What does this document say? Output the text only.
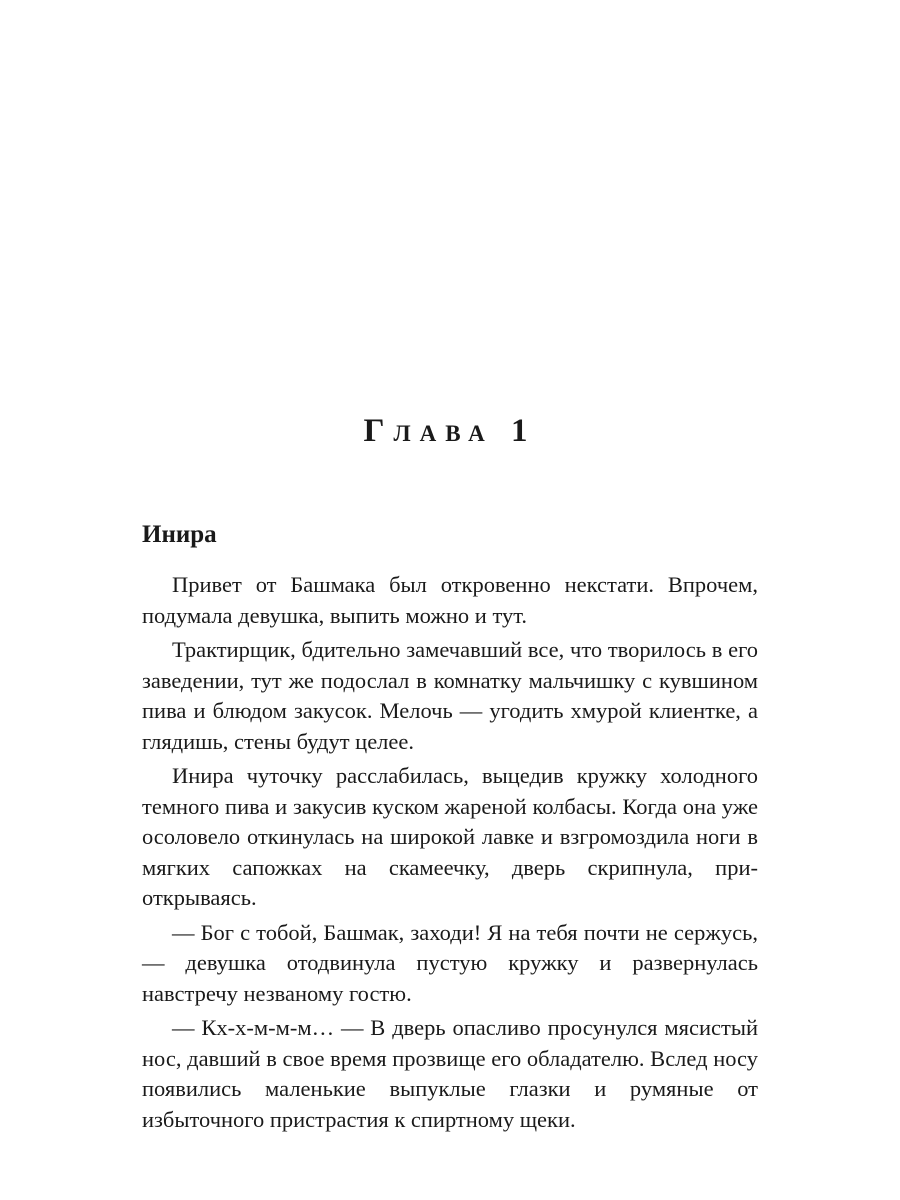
Глава 1
Инира

Привет от Башмака был откровенно некстати. Впрочем, подумала девушка, выпить можно и тут.

Трактирщик, бдительно замечавший все, что творилось в его заведении, тут же подослал в комнатку мальчишку с кувшином пива и блюдом закусок. Мелочь — угодить хмурой клиентке, а глядишь, стены будут целее.

Инира чуточку расслабилась, выцедив кружку холодного темного пива и закусив куском жареной колбасы. Когда она уже осоловело откинулась на широкой лавке и взгромоздила ноги в мягких сапожках на скамеечку, дверь скрипнула, приоткрываясь.

— Бог с тобой, Башмак, заходи! Я на тебя почти не сержусь, — девушка отодвинула пустую кружку и развернулась навстречу незваному гостю.

— Кх-х-м-м-м… — В дверь опасливо просунулся мясистый нос, давший в свое время прозвище его обладателю. Вслед носу появились маленькие выпуклые глазки и румяные от избыточного пристрастия к спиртному щеки.
